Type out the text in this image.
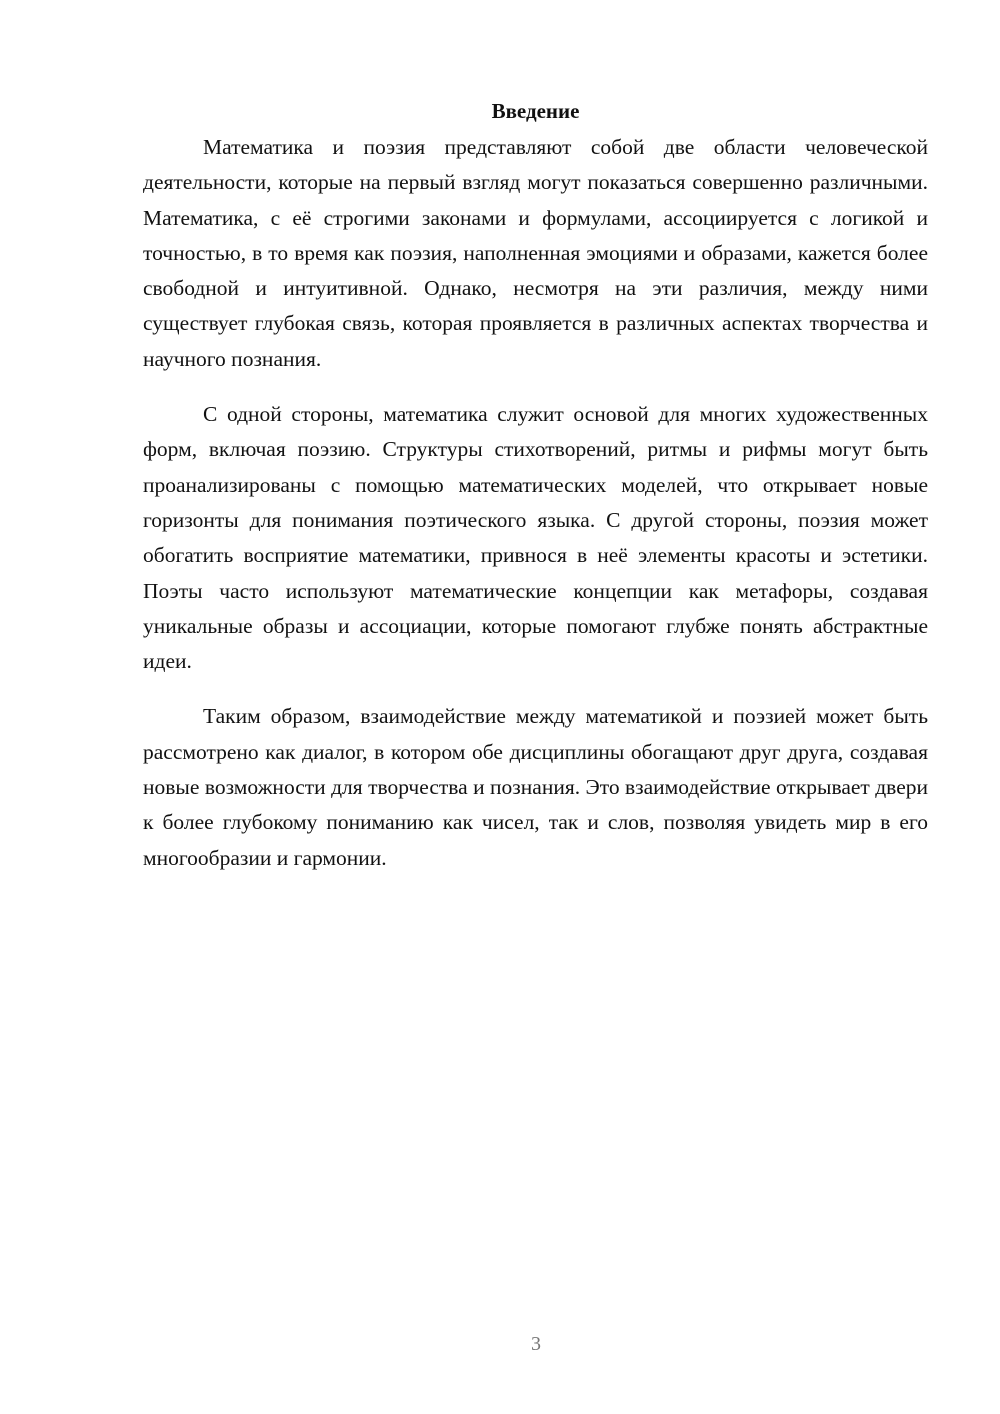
Введение

Математика и поэзия представляют собой две области человеческой деятельности, которые на первый взгляд могут показаться совершенно различными. Математика, с её строгими законами и формулами, ассоциируется с логикой и точностью, в то время как поэзия, наполненная эмоциями и образами, кажется более свободной и интуитивной. Однако, несмотря на эти различия, между ними существует глубокая связь, которая проявляется в различных аспектах творчества и научного познания.

С одной стороны, математика служит основой для многих художественных форм, включая поэзию. Структуры стихотворений, ритмы и рифмы могут быть проанализированы с помощью математических моделей, что открывает новые горизонты для понимания поэтического языка. С другой стороны, поэзия может обогатить восприятие математики, привнося в неё элементы красоты и эстетики. Поэты часто используют математические концепции как метафоры, создавая уникальные образы и ассоциации, которые помогают глубже понять абстрактные идеи.

Таким образом, взаимодействие между математикой и поэзией может быть рассмотрено как диалог, в котором обе дисциплины обогащают друг друга, создавая новые возможности для творчества и познания. Это взаимодействие открывает двери к более глубокому пониманию как чисел, так и слов, позволяя увидеть мир в его многообразии и гармонии.

3
